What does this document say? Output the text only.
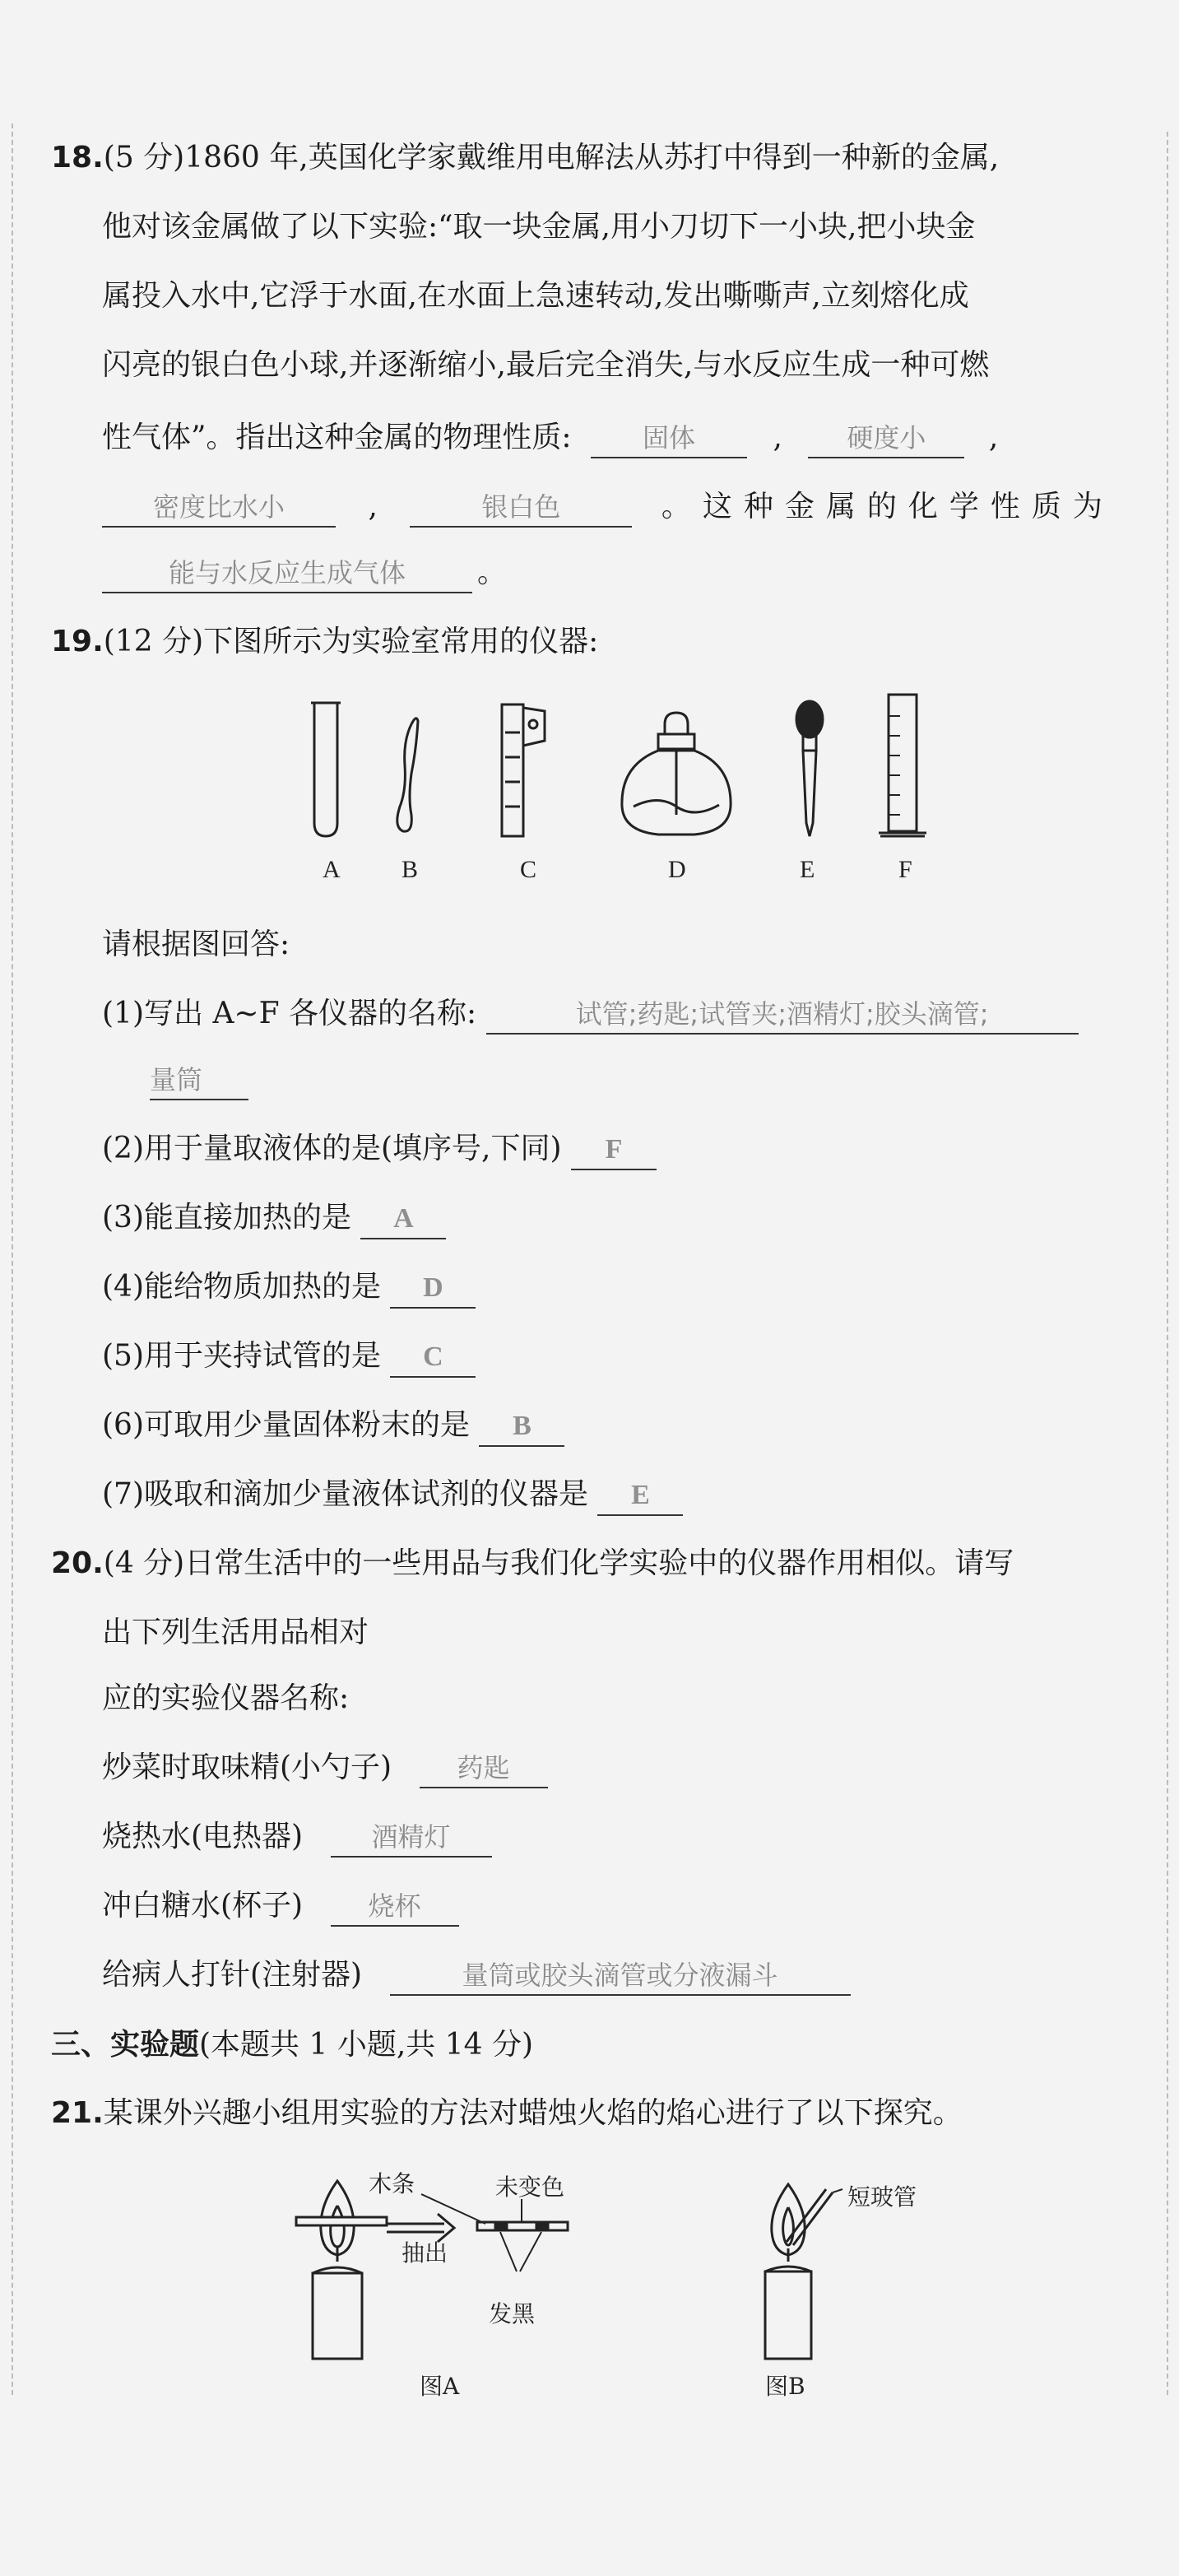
18.(5 分)1860 年,英国化学家戴维用电解法从苏打中得到一种新的金属,
他对该金属做了以下实验:“取一块金属,用小刀切下一小块,把小块金
属投入水中,它浮于水面,在水面上急速转动,发出嘶嘶声,立刻熔化成
闪亮的银白色小球,并逐渐缩小,最后完全消失,与水反应生成一种可燃
性气体”。指出这种金属的物理性质:	固体	, 硬度小 ,
密度比水小	,	银白色	。这种金属的化学性质为
能与水反应生成气体 。
19.(12 分)下图所示为实验室常用的仪器:
A B	C	D	E	F
请根据图回答:
(1)写出 A~F 各仪器的名称:	试管;药匙;试管夹;酒精灯;胶头滴管;
量筒
(2)用于量取液体的是(填序号,下同) F
(3)能直接加热的是 A
(4)能给物质加热的是 D
(5)用于夹持试管的是 C
(6)可取用少量固体粉末的是 B
(7)吸取和滴加少量液体试剂的仪器是 E
20.(4 分)日常生活中的一些用品与我们化学实验中的仪器作用相似。请写
出下列生活用品相对
应的实验仪器名称:
炒菜时取味精(小勺子) 药匙
烧热水(电热器)	酒精灯
冲白糖水(杯子) 烧杯
给病人打针(注射器)	量筒或胶头滴管或分液漏斗
三、实验题(本题共 1 小题,共 14 分)
21.某课外兴趣小组用实验的方法对蜡烛火焰的焰心进行了以下探究。
木条	未变色
抽出
发黑
图A
短玻管
图B
